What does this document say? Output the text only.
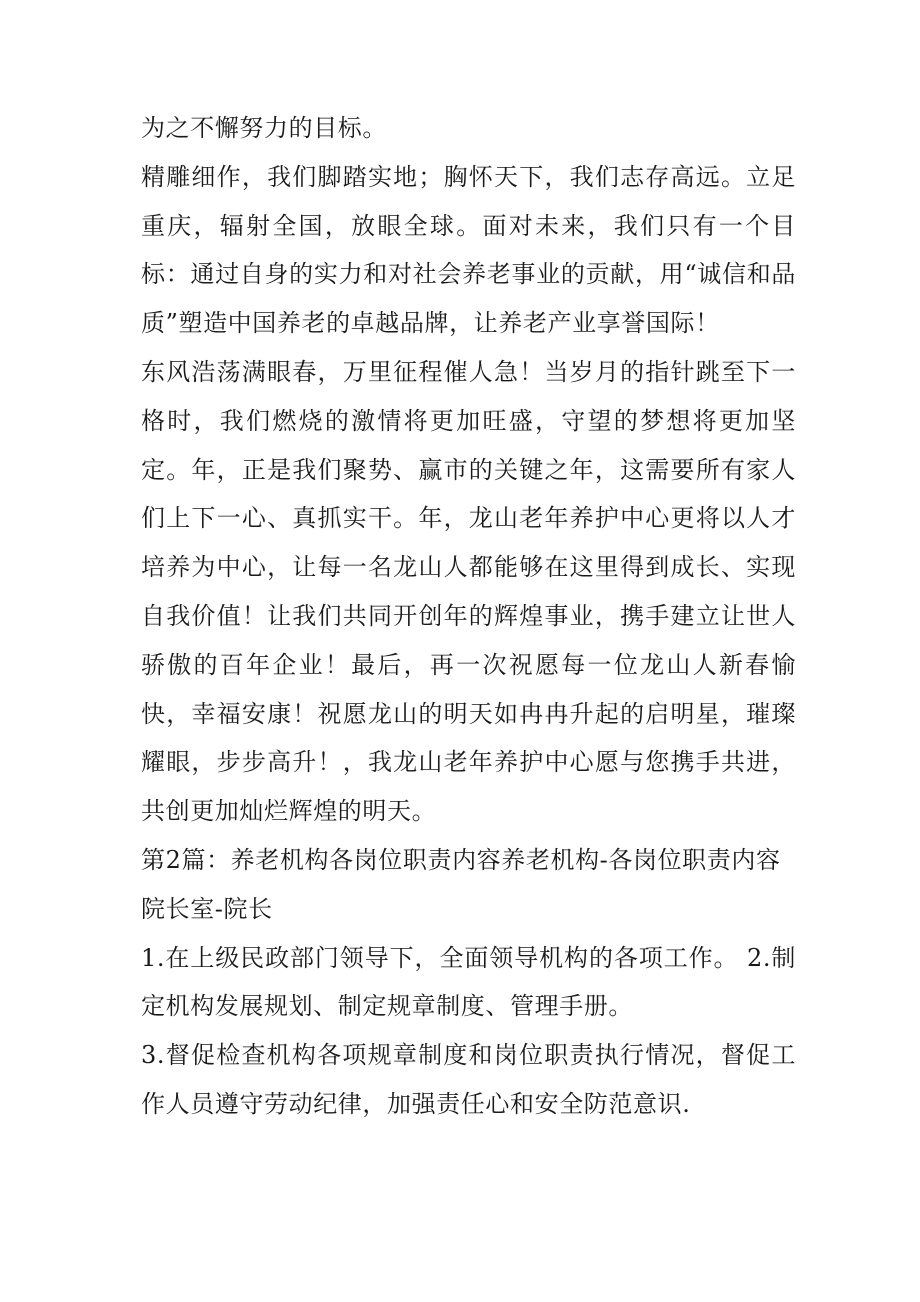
为之不懈努力的目标。

精雕细作，我们脚踏实地；胸怀天下，我们志存高远。立足重庆，辐射全国，放眼全球。面对未来，我们只有一个目标：通过自身的实力和对社会养老事业的贡献，用“诚信和品质”塑造中国养老的卓越品牌，让养老产业享誉国际！

东风浩荡满眼春，万里征程催人急！当岁月的指针跳至下一格时，我们燃烧的激情将更加旺盛，守望的梦想将更加坚定。年，正是我们聚势、赢市的关键之年，这需要所有家人们上下一心、真抓实干。年，龙山老年养护中心更将以人才培养为中心，让每一名龙山人都能够在这里得到成长、实现自我价值！让我们共同开创年的辉煌事业，携手建立让世人骄傲的百年企业！最后，再一次祝愿每一位龙山人新春愉快，幸福安康！祝愿龙山的明天如冉冉升起的启明星，璀璨耀眼，步步高升！，我龙山老年养护中心愿与您携手共进，共创更加灿烂辉煌的明天。

第2篇：养老机构各岗位职责内容养老机构-各岗位职责内容

院长室-院长

1.在上级民政部门领导下，全面领导机构的各项工作。 2.制定机构发展规划、制定规章制度、管理手册。

3.督促检查机构各项规章制度和岗位职责执行情况，督促工作人员遵守劳动纪律，加强责任心和安全防范意识.
